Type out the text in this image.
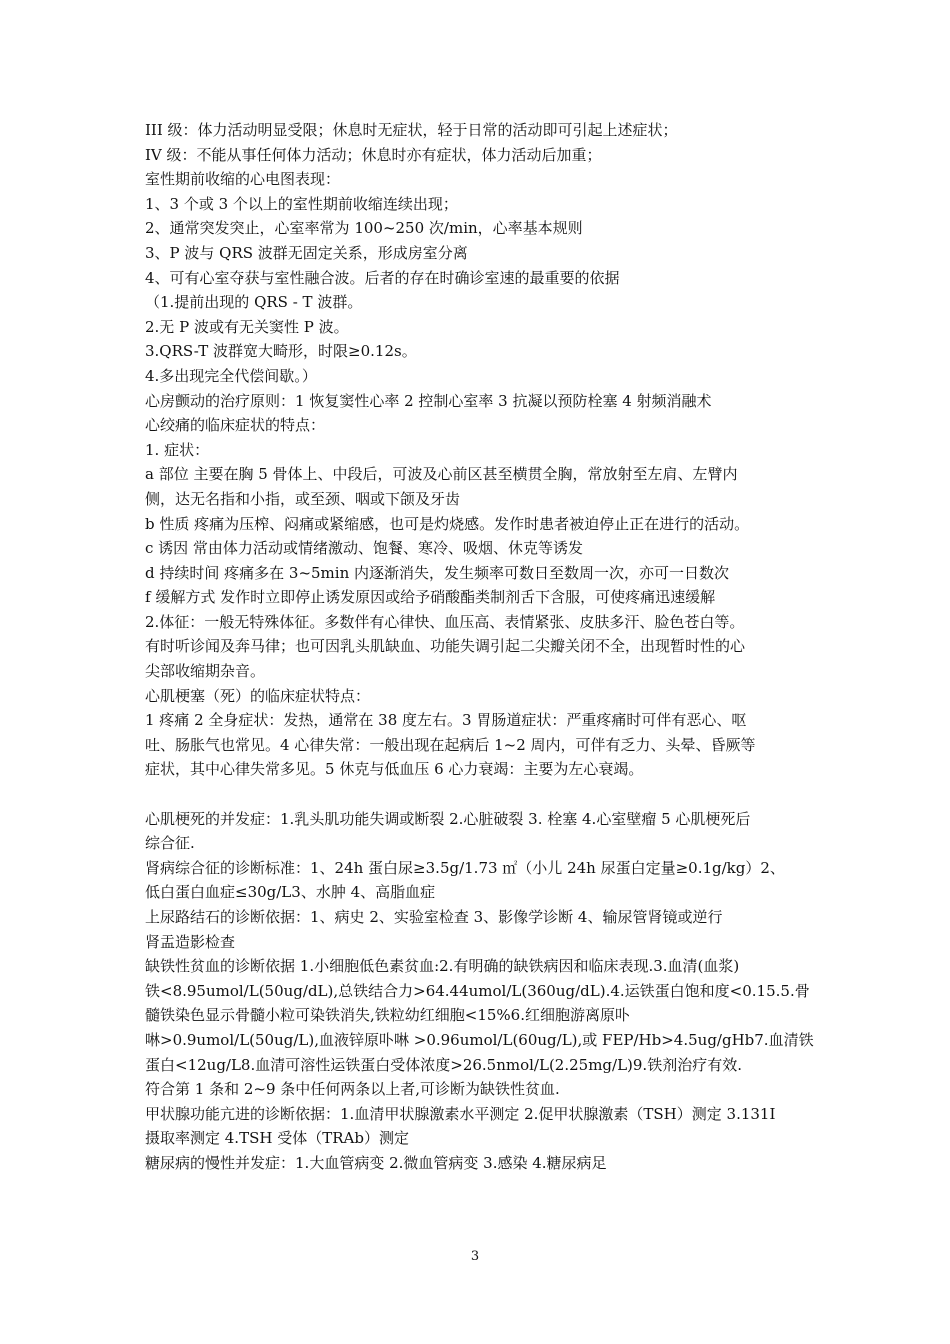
III 级：体力活动明显受限；休息时无症状，轻于日常的活动即可引起上述症状；
IV 级：不能从事任何体力活动；休息时亦有症状，体力活动后加重；
室性期前收缩的心电图表现：
1、3 个或 3 个以上的室性期前收缩连续出现；
2、通常突发突止，心室率常为 100~250 次/min，心率基本规则
3、P 波与 QRS 波群无固定关系，形成房室分离
4、可有心室夺获与室性融合波。后者的存在时确诊室速的最重要的依据
（1.提前出现的 QRS - T 波群。
2.无 P 波或有无关窦性 P 波。
3.QRS-T 波群宽大畸形，时限≥0.12s。
4.多出现完全代偿间歇。）
心房颤动的治疗原则：1 恢复窦性心率 2 控制心室率 3 抗凝以预防栓塞 4 射频消融术
心绞痛的临床症状的特点：
1. 症状：
a 部位 主要在胸 5 骨体上、中段后，可波及心前区甚至横贯全胸，常放射至左肩、左臂内
侧，达无名指和小指，或至颈、咽或下颌及牙齿
b 性质 疼痛为压榨、闷痛或紧缩感，也可是灼烧感。发作时患者被迫停止正在进行的活动。
c 诱因 常由体力活动或情绪激动、饱餐、寒冷、吸烟、休克等诱发
d 持续时间 疼痛多在 3~5min 内逐渐消失，发生频率可数日至数周一次，亦可一日数次
f 缓解方式 发作时立即停止诱发原因或给予硝酸酯类制剂舌下含服，可使疼痛迅速缓解
2.体征：一般无特殊体征。多数伴有心律快、血压高、表情紧张、皮肤多汗、脸色苍白等。
有时听诊闻及奔马律；也可因乳头肌缺血、功能失调引起二尖瓣关闭不全，出现暂时性的心
尖部收缩期杂音。
心肌梗塞（死）的临床症状特点：
1 疼痛 2 全身症状：发热，通常在 38 度左右。3 胃肠道症状：严重疼痛时可伴有恶心、呕
吐、肠胀气也常见。4 心律失常：一般出现在起病后 1~2 周内，可伴有乏力、头晕、昏厥等
症状，其中心律失常多见。5 休克与低血压 6 心力衰竭：主要为左心衰竭。
心肌梗死的并发症：1.乳头肌功能失调或断裂 2.心脏破裂 3. 栓塞 4.心室壁瘤 5 心肌梗死后
综合征.
肾病综合征的诊断标准：1、24h 蛋白尿≥3.5g/1.73 ㎡（小儿 24h 尿蛋白定量≥0.1g/kg）2、
低白蛋白血症≤30g/L3、水肿 4、高脂血症
上尿路结石的诊断依据：1、病史 2、实验室检查 3、影像学诊断 4、输尿管肾镜或逆行
肾盂造影检查
缺铁性贫血的诊断依据 1.小细胞低色素贫血:2.有明确的缺铁病因和临床表现.3.血清(血浆)
铁<8.95umol/L(50ug/dL),总铁结合力>64.44umol/L(360ug/dL).4.运铁蛋白饱和度<0.15.5.骨
髓铁染色显示骨髓小粒可染铁消失,铁粒幼红细胞<15%6.红细胞游离原卟
啉>0.9umol/L(50ug/L),血液锌原卟啉 >0.96umol/L(60ug/L),或 FEP/Hb>4.5ug/gHb7.血清铁
蛋白<12ug/L8.血清可溶性运铁蛋白受体浓度>26.5nmol/L(2.25mg/L)9.铁剂治疗有效.
符合第 1 条和 2~9 条中任何两条以上者,可诊断为缺铁性贫血.
甲状腺功能亢进的诊断依据：1.血清甲状腺激素水平测定 2.促甲状腺激素（TSH）测定 3.131I
摄取率测定 4.TSH 受体（TRAb）测定
糖尿病的慢性并发症：1.大血管病变 2.微血管病变 3.感染 4.糖尿病足
3
